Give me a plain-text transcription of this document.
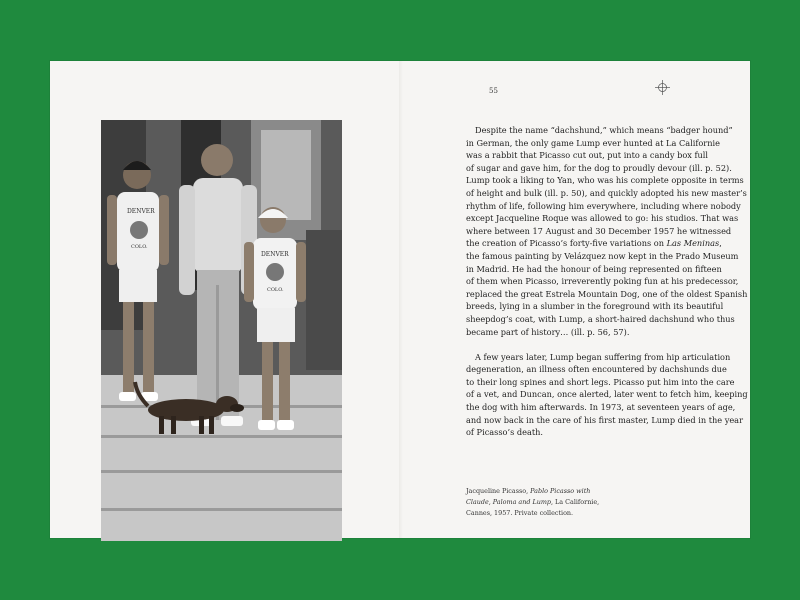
DENVER
COLO.
DENVER
COLO.
55

Despite the name “dachshund,” which means “badger hound”
in German, the only game Lump ever hunted at La Californie
was a rabbit that Picasso cut out, put into a candy box full
of sugar and gave him, for the dog to proudly devour (ill. p. 52).
Lump took a liking to Yan, who was his complete opposite in terms
of height and bulk (ill. p. 50), and quickly adopted his new master’s
rhythm of life, following him everywhere, including where nobody
except Jacqueline Roque was allowed to go: his studios. That was
where between 17 August and 30 December 1957 he witnessed
the creation of Picasso’s forty-five variations on Las Meninas,
the famous painting by Velázquez now kept in the Prado Museum
in Madrid. He had the honour of being represented on fifteen
of them when Picasso, irreverently poking fun at his predecessor,
replaced the great Estrela Mountain Dog, one of the oldest Spanish
breeds, lying in a slumber in the foreground with its beautiful
sheepdog’s coat, with Lump, a short-haired dachshund who thus
became part of history… (ill. p. 56, 57).

A few years later, Lump began suffering from hip articulation
degeneration, an illness often encountered by dachshunds due
to their long spines and short legs. Picasso put him into the care
of a vet, and Duncan, once alerted, later went to fetch him, keeping
the dog with him afterwards. In 1973, at seventeen years of age,
and now back in the care of his first master, Lump died in the year
of Picasso’s death.

Jacqueline Picasso, Pablo Picasso with
Claude, Paloma and Lump, La Californie,
Cannes, 1957. Private collection.
